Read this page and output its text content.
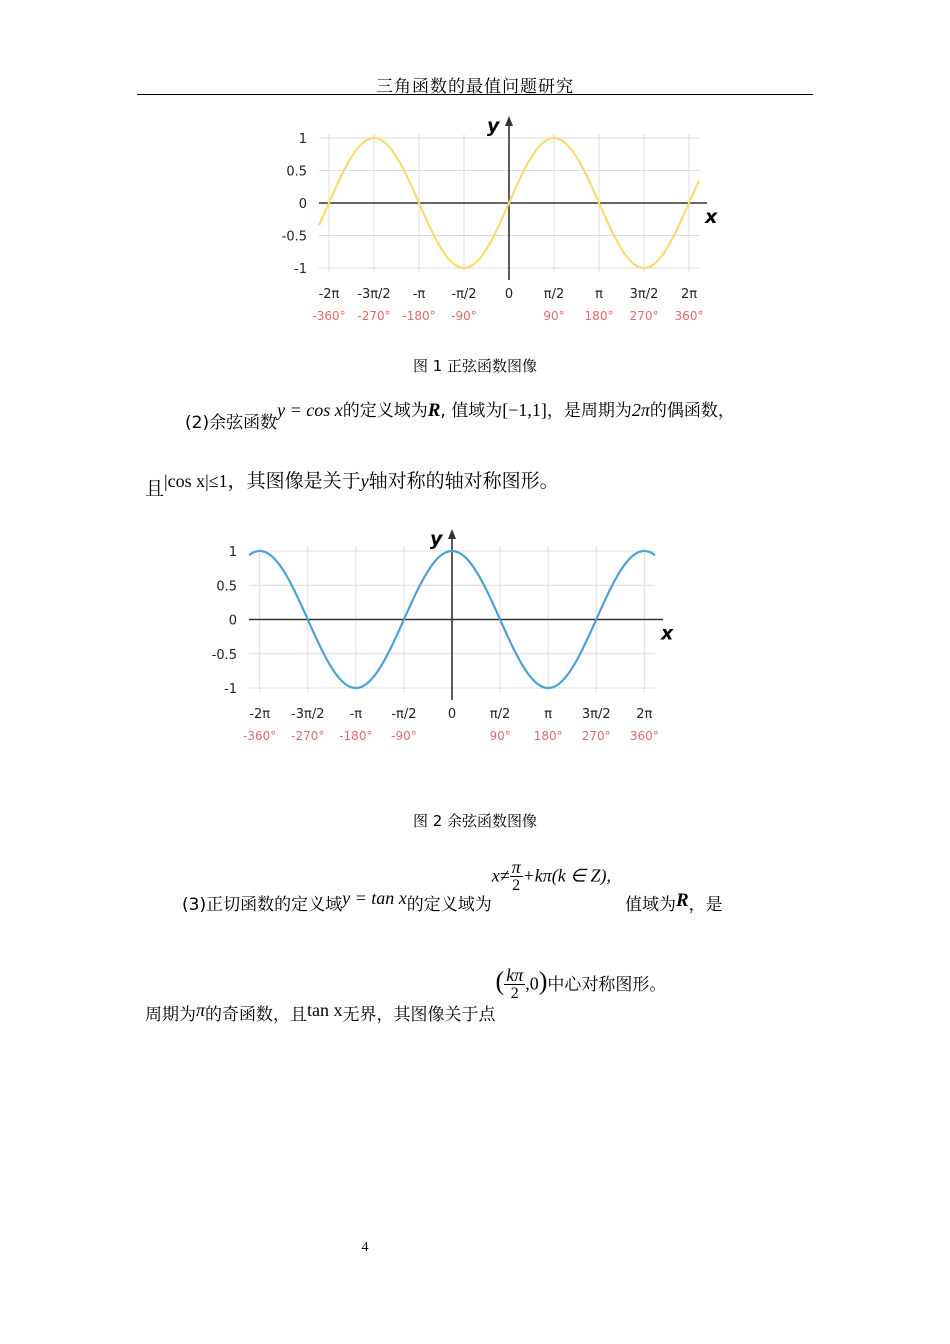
三角函数的最值问题研究
x
y
1
0.5
0
-0.5
-1
-2π
-360°
-3π/2
-270°
-π
-180°
-π/2
-90°
0 π/2
90°
π
180°
3π/2
270°
2π
360°
图 1 正弦函数图像
(2)余弦函数y = cos x的定义域为R, 值域为[−1,1]，是周期为2π的偶函数，
且|cos x|≤1，其图像是关于y轴对称的轴对称图形。
x
y
1
0.5
0
-0.5
-1
-2π
-360°
-3π/2
-270°
-π
-180°
-π/2
-90°
0	π/2
90°
π
180°
3π/2
270°
2π
360°
图 2 余弦函数图像
(3)正切函数的定义域y = tan x的定义域为$x\ne \frac{\pi}{2} +k\pi(k$ ∈ Z),值域为R，是
周期为π的奇函数，且tan x无界，其图像关于点( $\frac{k\pi}{2} ,0$)中心对称图形。
4
